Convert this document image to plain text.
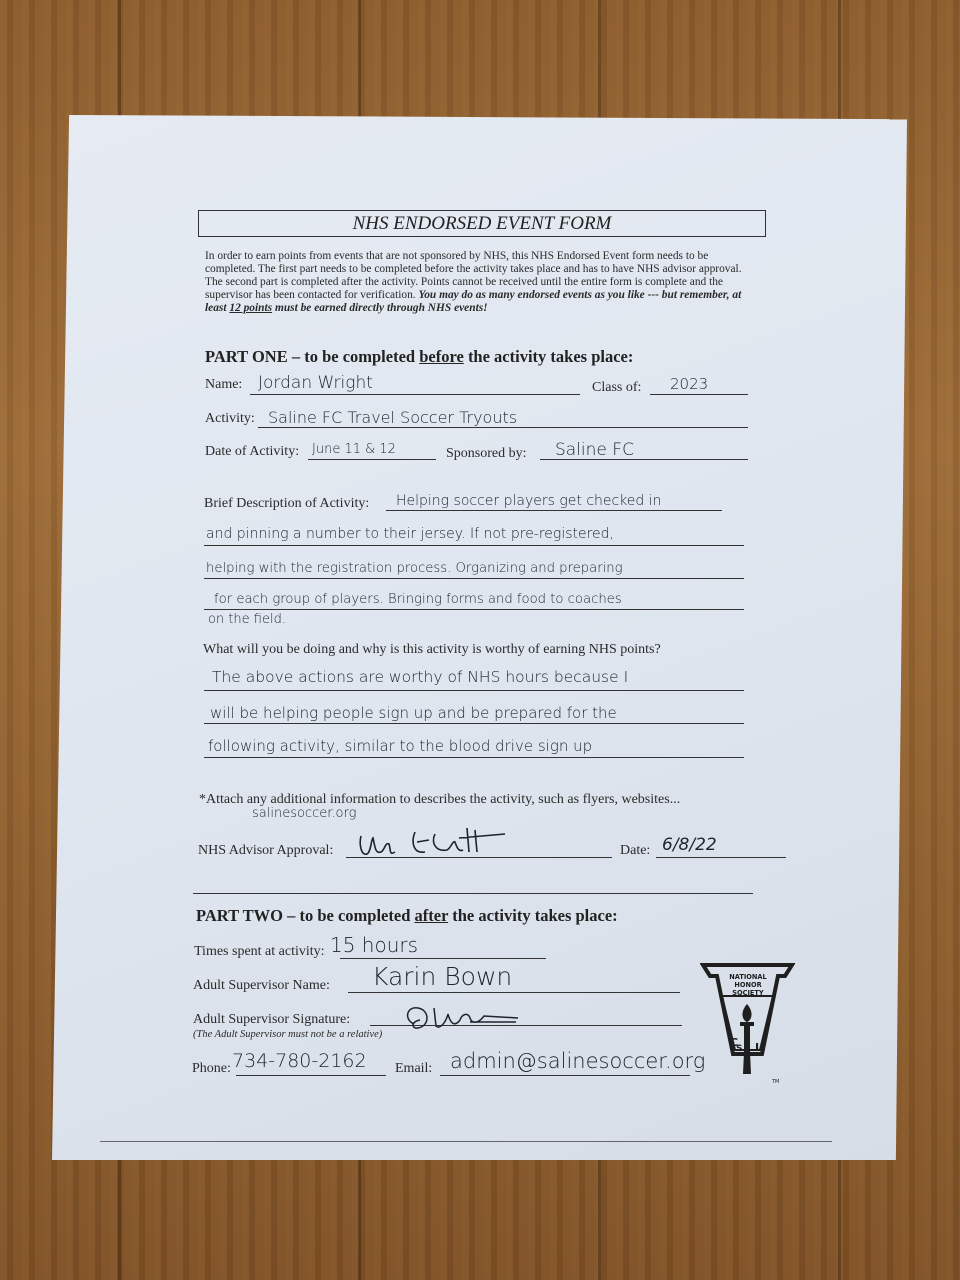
NHS ENDORSED EVENT FORM
In order to earn points from events that are not sponsored by NHS, this NHS Endorsed Event form needs to be completed. The first part needs to be completed before the activity takes place and has to have NHS advisor approval. The second part is completed after the activity. Points cannot be received until the entire form is complete and the supervisor has been contacted for verification. You may do as many endorsed events as you like --- but remember, at least 12 points must be earned directly through NHS events!
PART ONE – to be completed before the activity takes place:
Name: Jordan Wright	Class of: 2023
Activity: Saline FC Travel Soccer Tryouts
Date of Activity: June 11 & 12	Sponsored by: Saline FC
Brief Description of Activity: Helping soccer players get checked in
and pinning a number to their jersey. If not pre-registered,
helping with the registration process. Organizing and preparing
for each group of players. Bringing forms and food to coaches
on the field.
What will you be doing and why is this activity is worthy of earning NHS points?
The above actions are worthy of NHS hours because I
will be helping people sign up and be prepared for the
following activity, similar to the blood drive sign up
*Attach any additional information to describes the activity, such as flyers, websites...
salinesoccer.org
NHS Advisor Approval:	Date: 6/8/22
PART TWO – to be completed after the activity takes place:
Times spent at activity: 15 hours
Adult Supervisor Name: Karin Bown
Adult Supervisor Signature:
(The Adult Supervisor must not be a relative)
Phone: 734-780-2162 Email: admin@salinesoccer.org
TM
NATIONAL
HONOR SOCIETY
C
S L
